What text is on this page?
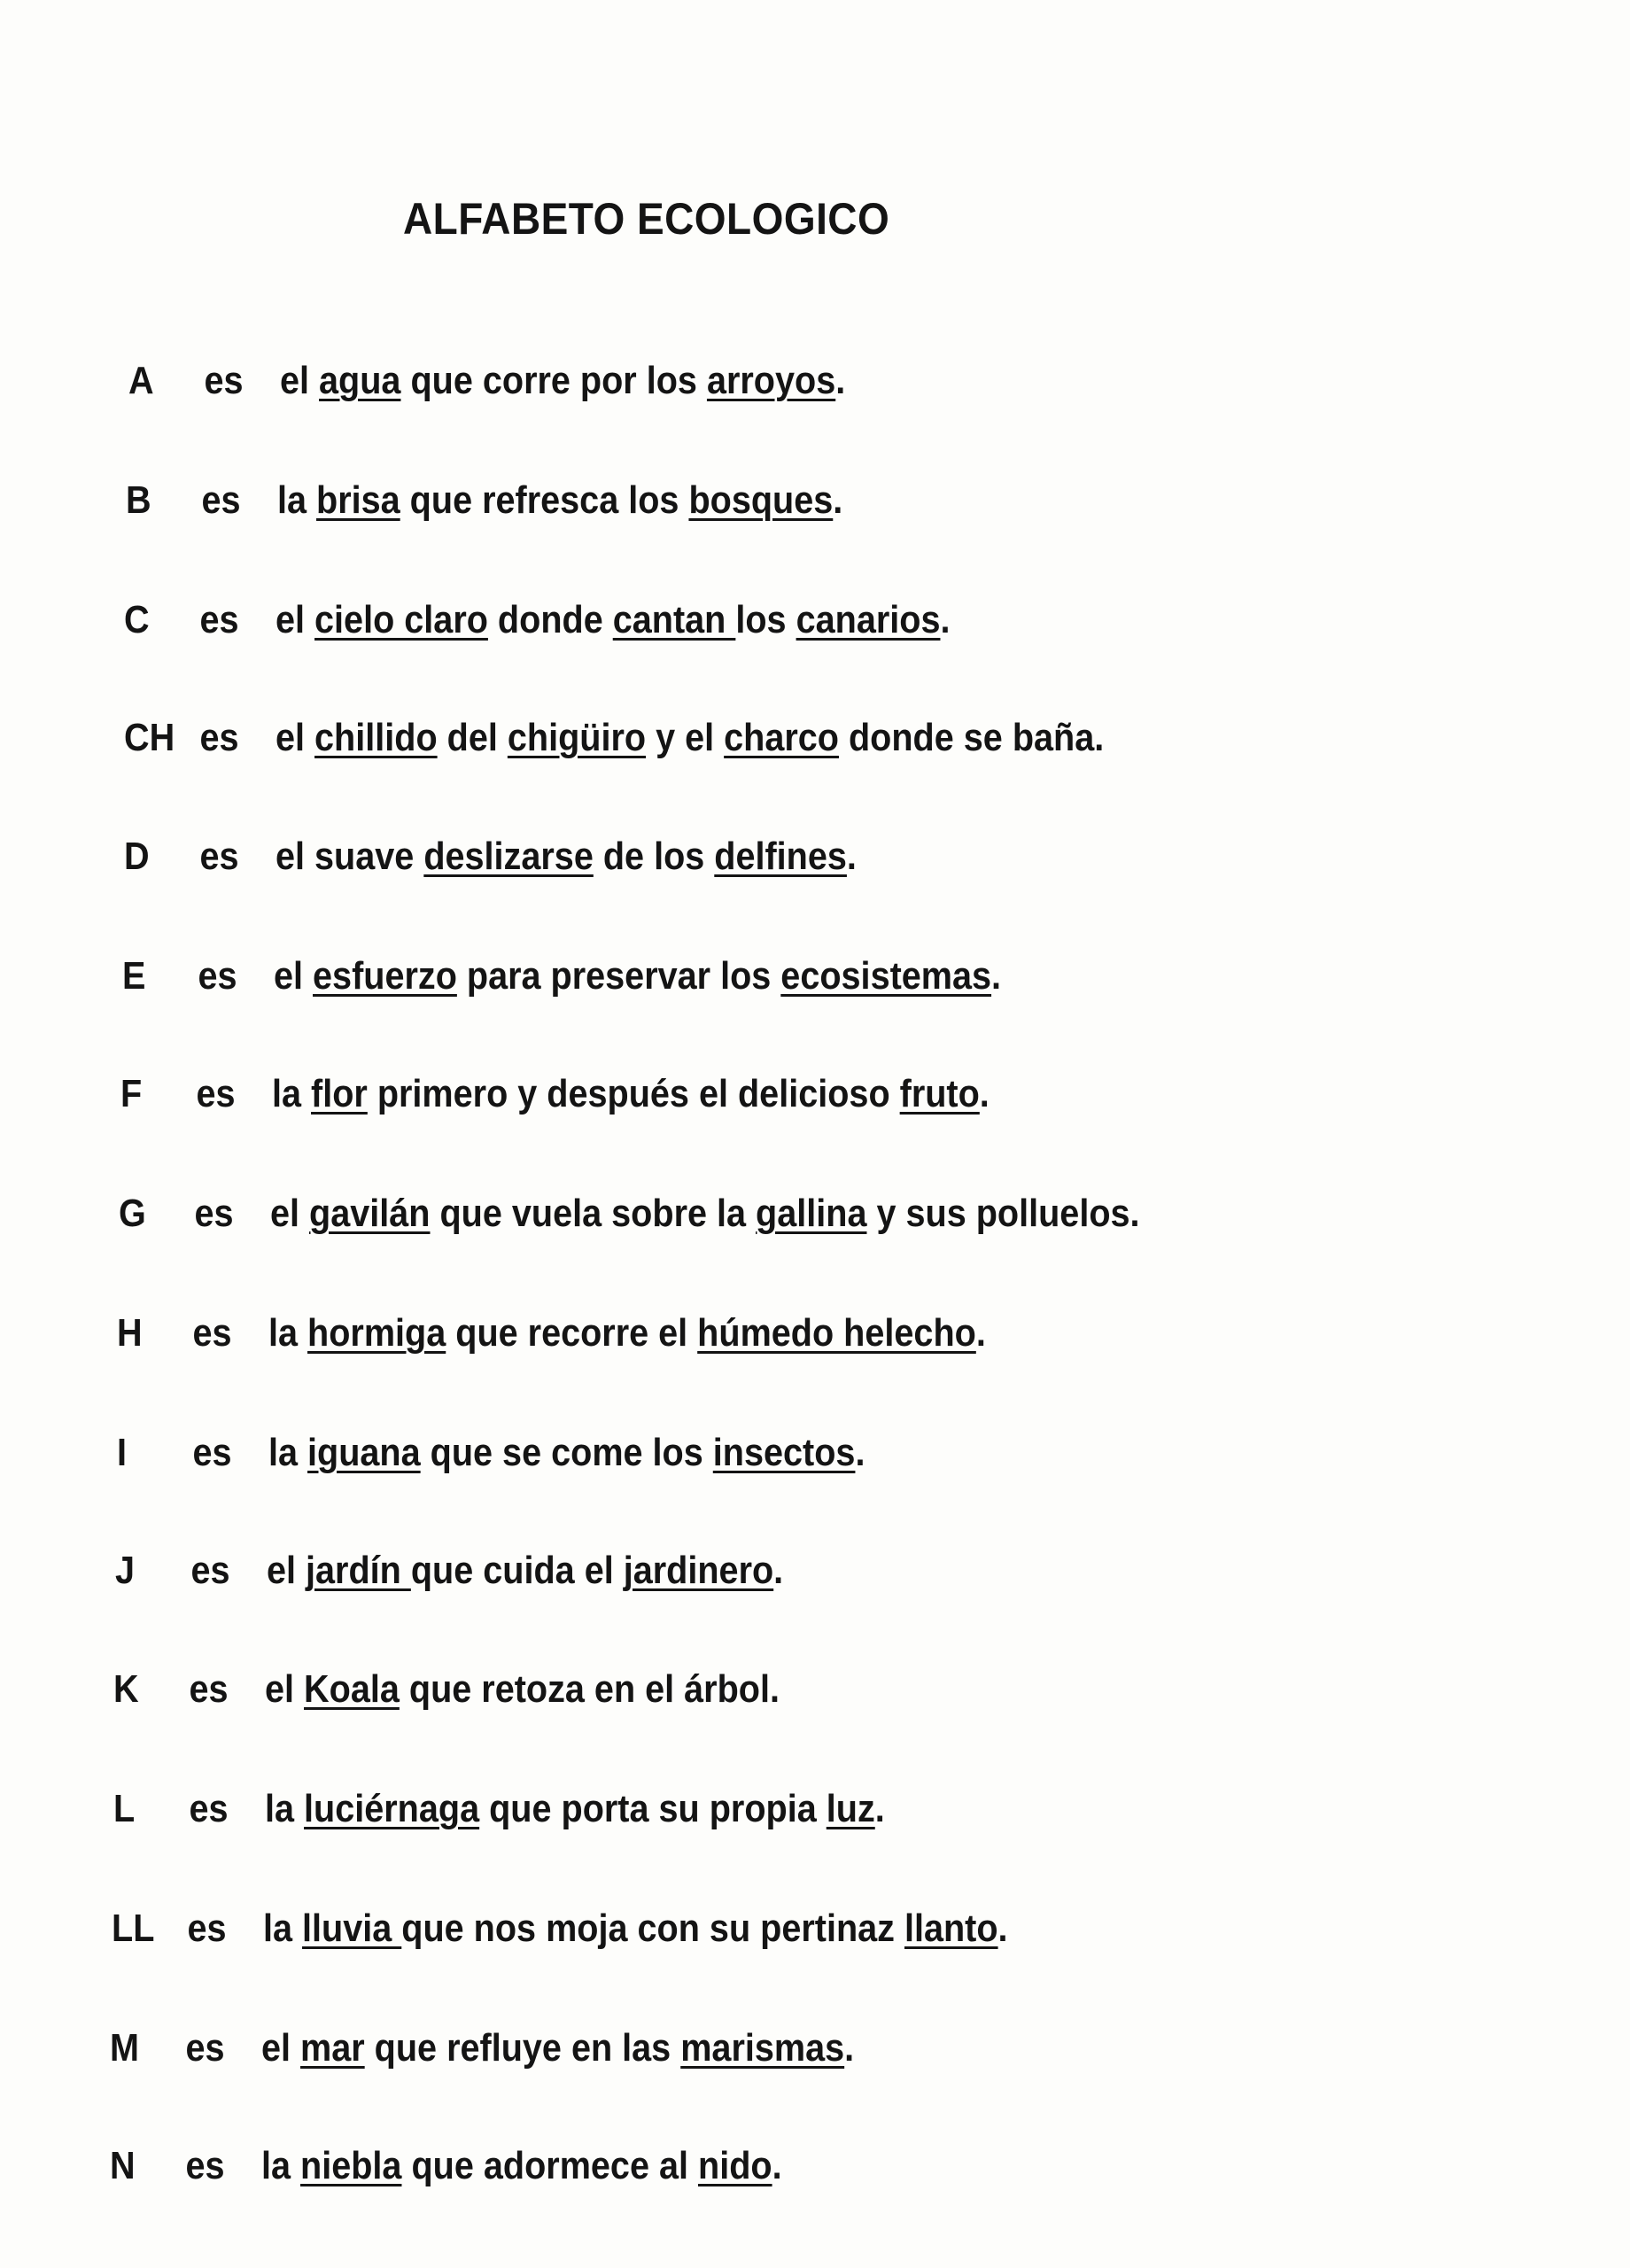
ALFABETO ECOLOGICO
A es el agua que corre por los arroyos.
B es la brisa que refresca los bosques.
C es el cielo claro donde cantan los canarios.
CH es el chillido del chigüiro y el charco donde se baña.
D es el suave deslizarse de los delfines.
E es el esfuerzo para preservar los ecosistemas.
F es la flor primero y después el delicioso fruto.
G es el gavilán que vuela sobre la gallina y sus polluelos.
H es la hormiga que recorre el húmedo helecho.
I es la iguana que se come los insectos.
J es el jardín que cuida el jardinero.
K es el Koala que retoza en el árbol.
L es la luciérnaga que porta su propia luz.
LL es la lluvia que nos moja con su pertinaz llanto.
M es el mar que refluye en las marismas.
N es la niebla que adormece al nido.
